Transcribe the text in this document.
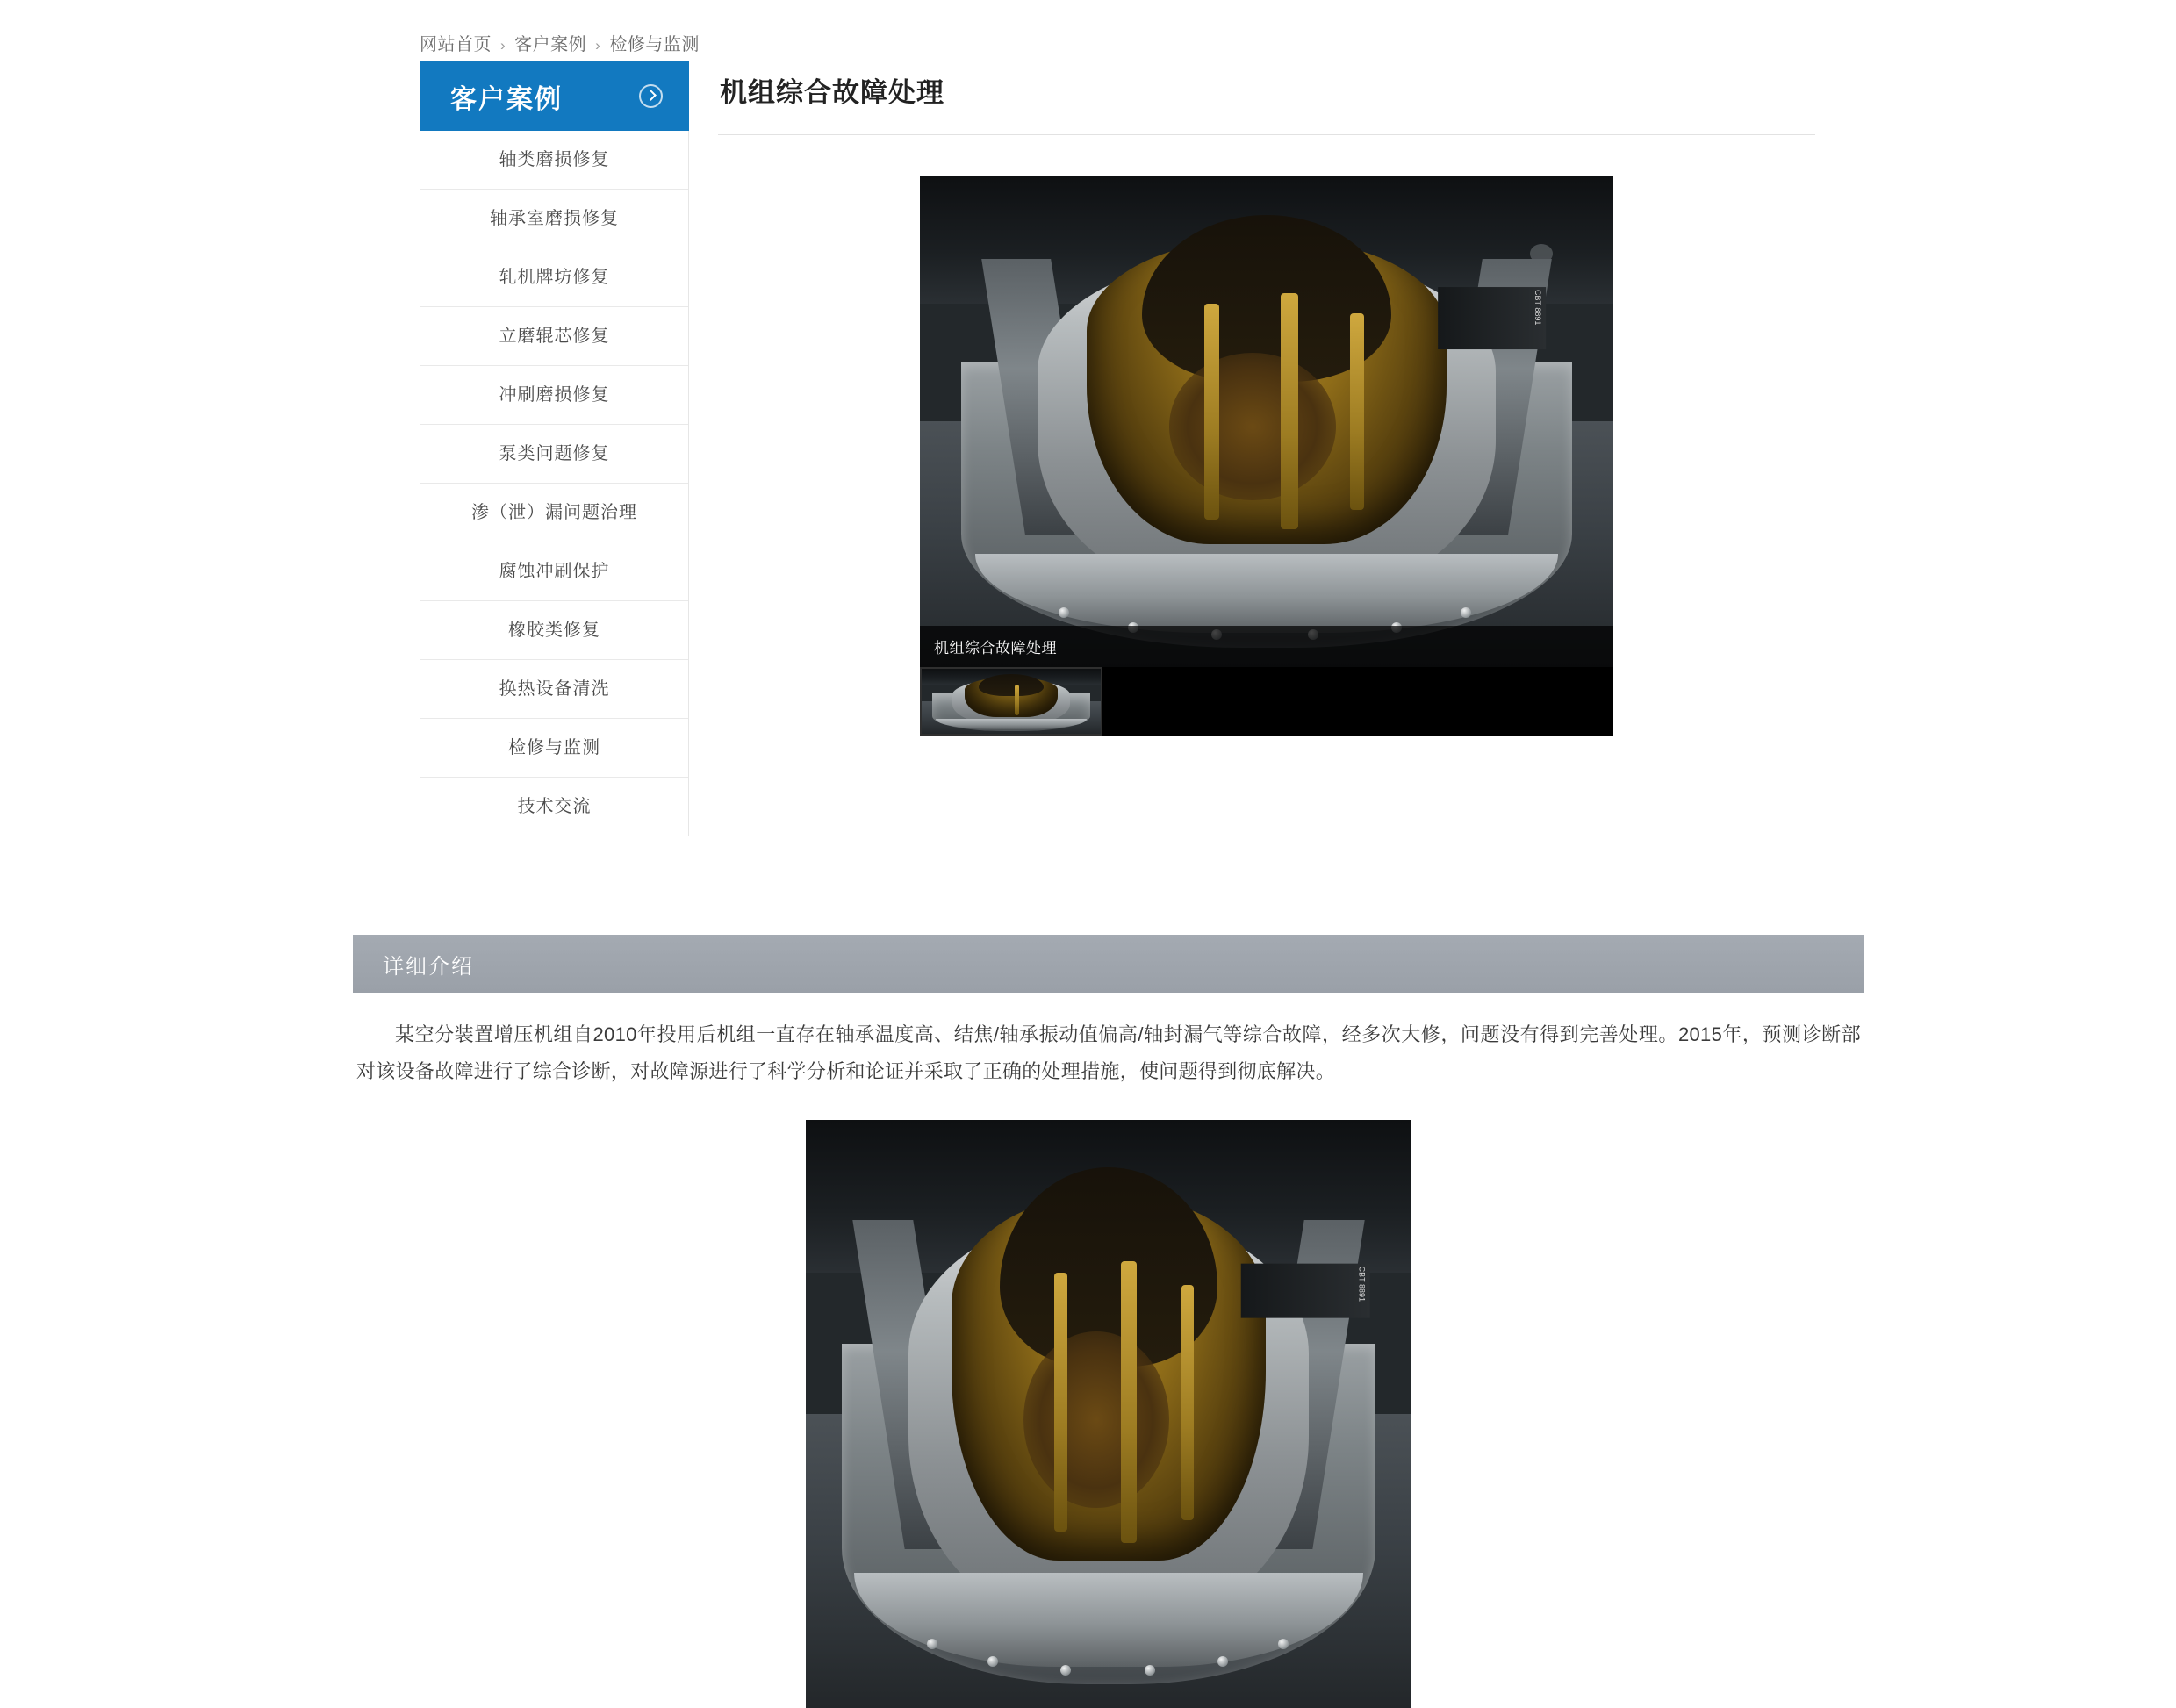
网站首页 › 客户案例 › 检修与监测
客户案例
轴类磨损修复
轴承室磨损修复
轧机牌坊修复
立磨辊芯修复
冲刷磨损修复
泵类问题修复
渗（泄）漏问题治理
腐蚀冲刷保护
橡胶类修复
换热设备清洗
检修与监测
技术交流
机组综合故障处理
CBT 8891
机组综合故障处理
详细介绍

某空分装置增压机组自2010年投用后机组一直存在轴承温度高、结焦/轴承振动值偏高/轴封漏气等综合故障，经多次大修，问题没有得到完善处理。2015年，预测诊断部对该设备故障进行了综合诊断，对故障源进行了科学分析和论证并采取了正确的处理措施，使问题得到彻底解决。

CBT 8891
